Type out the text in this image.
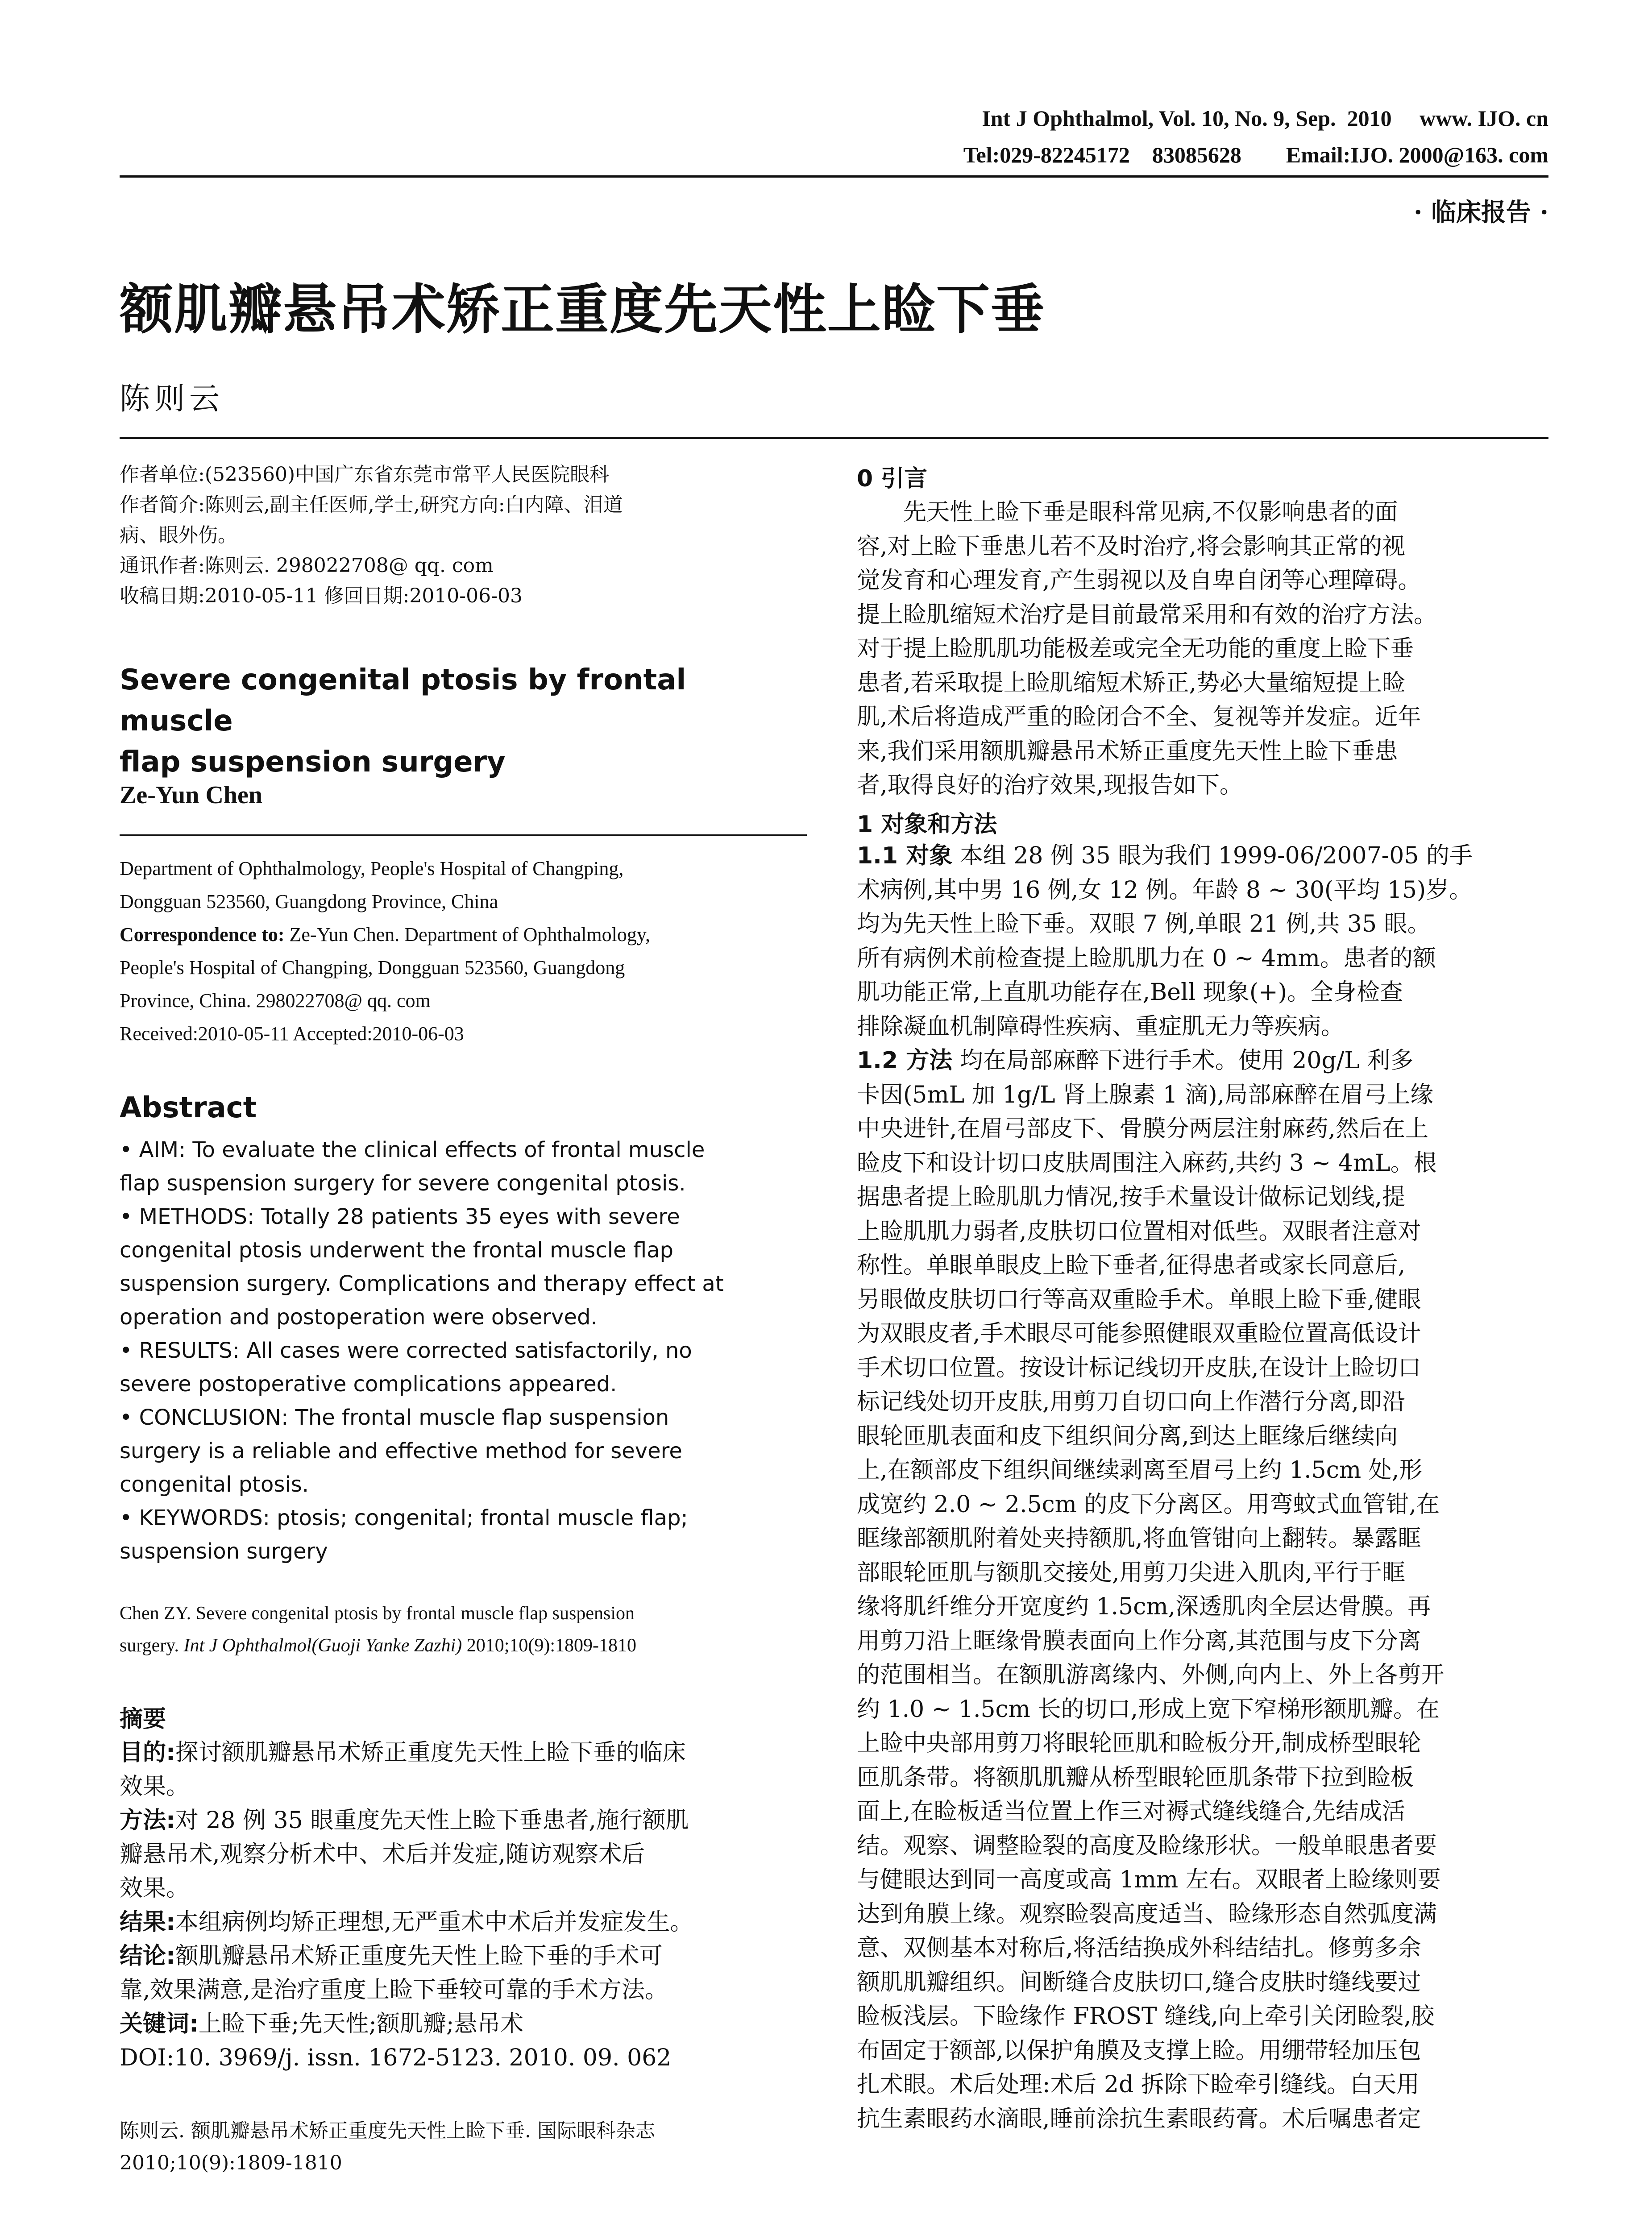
Int J Ophthalmol, Vol. 10, No. 9, Sep.  2010     www. IJO. cn
Tel:029-82245172    83085628        Email:IJO. 2000@163. com
· 临床报告 ·
额肌瓣悬吊术矫正重度先天性上睑下垂
陈则云

作者单位:(523560)中国广东省东莞市常平人民医院眼科

作者简介:陈则云,副主任医师,学士,研究方向:白内障、泪道

病、眼外伤。

通讯作者:陈则云. 298022708@ qq. com

收稿日期:2010-05-11 修回日期:2010-06-03

Severe congenital ptosis by frontal muscle
flap suspension surgery
Ze-Yun Chen

Department of Ophthalmology, People's Hospital of Changping,

Dongguan 523560, Guangdong Province, China

Correspondence to: Ze-Yun Chen. Department of Ophthalmology,

People's Hospital of Changping, Dongguan 523560, Guangdong

Province, China. 298022708@ qq. com

Received:2010-05-11 Accepted:2010-06-03

Abstract

• AIM: To evaluate the clinical effects of frontal muscle

flap suspension surgery for severe congenital ptosis.

• METHODS: Totally 28 patients 35 eyes with severe

congenital ptosis underwent the frontal muscle flap

suspension surgery. Complications and therapy effect at

operation and postoperation were observed.

• RESULTS: All cases were corrected satisfactorily, no

severe postoperative complications appeared.

• CONCLUSION: The frontal muscle flap suspension

surgery is a reliable and effective method for severe

congenital ptosis.

• KEYWORDS: ptosis; congenital; frontal muscle flap;

suspension surgery

Chen ZY. Severe congenital ptosis by frontal muscle flap suspension

surgery. Int J Ophthalmol(Guoji Yanke Zazhi) 2010;10(9):1809-1810

摘要

目的:探讨额肌瓣悬吊术矫正重度先天性上睑下垂的临床

效果。

方法:对 28 例 35 眼重度先天性上睑下垂患者,施行额肌

瓣悬吊术,观察分析术中、术后并发症,随访观察术后

效果。

结果:本组病例均矫正理想,无严重术中术后并发症发生。

结论:额肌瓣悬吊术矫正重度先天性上睑下垂的手术可

靠,效果满意,是治疗重度上睑下垂较可靠的手术方法。

关键词:上睑下垂;先天性;额肌瓣;悬吊术

DOI:10. 3969/j. issn. 1672-5123. 2010. 09. 062

陈则云. 额肌瓣悬吊术矫正重度先天性上睑下垂. 国际眼科杂志

2010;10(9):1809-1810

0 引言

先天性上睑下垂是眼科常见病,不仅影响患者的面

容,对上睑下垂患儿若不及时治疗,将会影响其正常的视

觉发育和心理发育,产生弱视以及自卑自闭等心理障碍。

提上睑肌缩短术治疗是目前最常采用和有效的治疗方法。

对于提上睑肌肌功能极差或完全无功能的重度上睑下垂

患者,若采取提上睑肌缩短术矫正,势必大量缩短提上睑

肌,术后将造成严重的睑闭合不全、复视等并发症。近年

来,我们采用额肌瓣悬吊术矫正重度先天性上睑下垂患

者,取得良好的治疗效果,现报告如下。

1 对象和方法

1.1 对象 本组 28 例 35 眼为我们 1999-06/2007-05 的手

术病例,其中男 16 例,女 12 例。年龄 8 ~ 30(平均 15)岁。

均为先天性上睑下垂。双眼 7 例,单眼 21 例,共 35 眼。

所有病例术前检查提上睑肌肌力在 0 ~ 4mm。患者的额

肌功能正常,上直肌功能存在,Bell 现象(+)。全身检查

排除凝血机制障碍性疾病、重症肌无力等疾病。

1.2 方法 均在局部麻醉下进行手术。使用 20g/L 利多

卡因(5mL 加 1g/L 肾上腺素 1 滴),局部麻醉在眉弓上缘

中央进针,在眉弓部皮下、骨膜分两层注射麻药,然后在上

睑皮下和设计切口皮肤周围注入麻药,共约 3 ~ 4mL。根

据患者提上睑肌肌力情况,按手术量设计做标记划线,提

上睑肌肌力弱者,皮肤切口位置相对低些。双眼者注意对

称性。单眼单眼皮上睑下垂者,征得患者或家长同意后,

另眼做皮肤切口行等高双重睑手术。单眼上睑下垂,健眼

为双眼皮者,手术眼尽可能参照健眼双重睑位置高低设计

手术切口位置。按设计标记线切开皮肤,在设计上睑切口

标记线处切开皮肤,用剪刀自切口向上作潜行分离,即沿

眼轮匝肌表面和皮下组织间分离,到达上眶缘后继续向

上,在额部皮下组织间继续剥离至眉弓上约 1.5cm 处,形

成宽约 2.0 ~ 2.5cm 的皮下分离区。用弯蚊式血管钳,在

眶缘部额肌附着处夹持额肌,将血管钳向上翻转。暴露眶

部眼轮匝肌与额肌交接处,用剪刀尖进入肌肉,平行于眶

缘将肌纤维分开宽度约 1.5cm,深透肌肉全层达骨膜。再

用剪刀沿上眶缘骨膜表面向上作分离,其范围与皮下分离

的范围相当。在额肌游离缘内、外侧,向内上、外上各剪开

约 1.0 ~ 1.5cm 长的切口,形成上宽下窄梯形额肌瓣。在

上睑中央部用剪刀将眼轮匝肌和睑板分开,制成桥型眼轮

匝肌条带。将额肌肌瓣从桥型眼轮匝肌条带下拉到睑板

面上,在睑板适当位置上作三对褥式缝线缝合,先结成活

结。观察、调整睑裂的高度及睑缘形状。一般单眼患者要

与健眼达到同一高度或高 1mm 左右。双眼者上睑缘则要

达到角膜上缘。观察睑裂高度适当、睑缘形态自然弧度满

意、双侧基本对称后,将活结换成外科结结扎。修剪多余

额肌肌瓣组织。间断缝合皮肤切口,缝合皮肤时缝线要过

睑板浅层。下睑缘作 FROST 缝线,向上牵引关闭睑裂,胶

布固定于额部,以保护角膜及支撑上睑。用绷带轻加压包

扎术眼。术后处理:术后 2d 拆除下睑牵引缝线。白天用

抗生素眼药水滴眼,睡前涂抗生素眼药膏。术后嘱患者定
